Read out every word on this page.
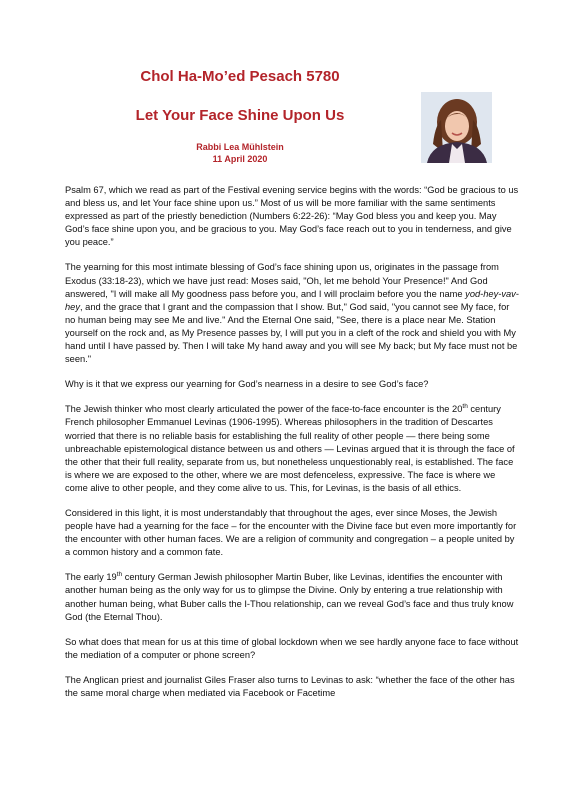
Chol Ha-Mo’ed Pesach 5780
Let Your Face Shine Upon Us
Rabbi Lea Mühlstein
11 April 2020

Psalm 67, which we read as part of the Festival evening service begins with the words: “God be gracious to us and bless us, and let Your face shine upon us.” Most of us will be more familiar with the same sentiments expressed as part of the priestly benediction (Numbers 6:22-26): “May God bless you and keep you. May God’s face shine upon you, and be gracious to you. May God’s face reach out to you in tenderness, and give you peace.”

The yearning for this most intimate blessing of God’s face shining upon us, originates in the passage from Exodus (33:18-23), which we have just read: Moses said, "Oh, let me behold Your Presence!" And God answered, "I will make all My goodness pass before you, and I will proclaim before you the name yod-hey-vav-hey, and the grace that I grant and the compassion that I show. But," God said, "you cannot see My face, for no human being may see Me and live." And the Eternal One said, "See, there is a place near Me. Station yourself on the rock and, as My Presence passes by, I will put you in a cleft of the rock and shield you with My hand until I have passed by. Then I will take My hand away and you will see My back; but My face must not be seen."

Why is it that we express our yearning for God’s nearness in a desire to see God’s face?

The Jewish thinker who most clearly articulated the power of the face-to-face encounter is the 20th century French philosopher Emmanuel Levinas (1906-1995). Whereas philosophers in the tradition of Descartes worried that there is no reliable basis for establishing the full reality of other people — there being some unbreachable epistemological distance between us and others — Levinas argued that it is through the face of the other that their full reality, separate from us, but nonetheless unquestionably real, is established. The face is where we are exposed to the other, where we are most defenceless, expressive. The face is where we come alive to other people, and they come alive to us. This, for Levinas, is the basis of all ethics.

Considered in this light, it is most understandably that throughout the ages, ever since Moses, the Jewish people have had a yearning for the face – for the encounter with the Divine face but even more importantly for the encounter with other human faces. We are a religion of community and congregation – a people united by a common history and a common fate.

The early 19th century German Jewish philosopher Martin Buber, like Levinas, identifies the encounter with another human being as the only way for us to glimpse the Divine. Only by entering a true relationship with another human being, what Buber calls the I-Thou relationship, can we reveal God’s face and thus truly know God (the Eternal Thou).

So what does that mean for us at this time of global lockdown when we see hardly anyone face to face without the mediation of a computer or phone screen?

The Anglican priest and journalist Giles Fraser also turns to Levinas to ask: “whether the face of the other has the same moral charge when mediated via Facebook or Facetime
